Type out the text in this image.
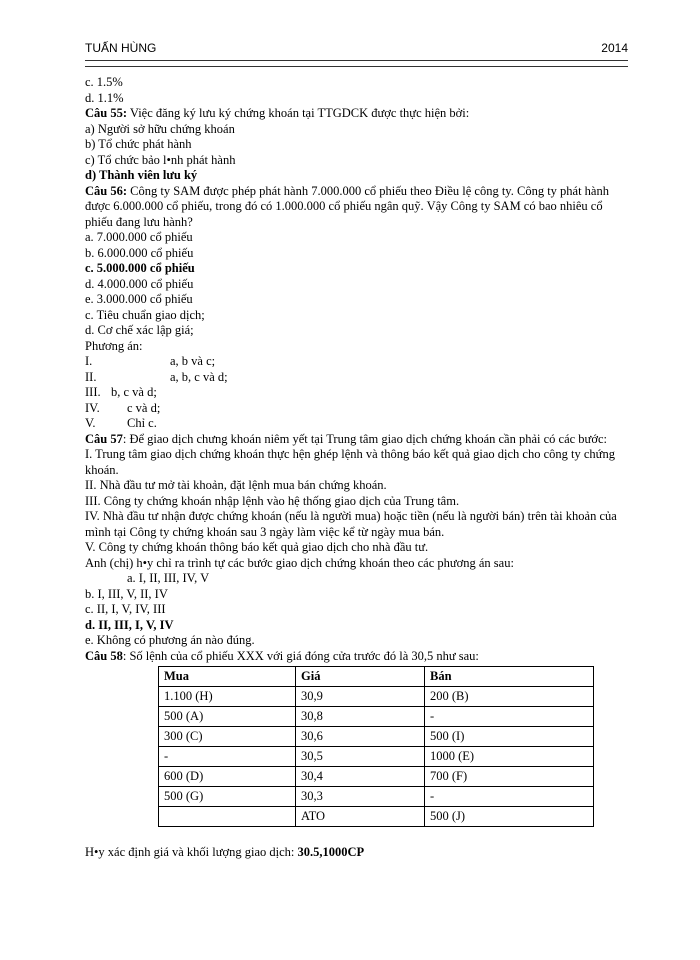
TUẤN HÙNG	2014
c. 1.5%
d. 1.1%
Câu 55: Việc đăng ký lưu ký chứng khoán tại TTGDCK được thực hiện bởi:
a) Người sở hữu chứng khoán
b) Tổ chức phát hành
c) Tổ chức bảo l•nh phát hành
d) Thành viên lưu ký
Câu 56: Công ty SAM được phép phát hành 7.000.000 cổ phiếu theo Điều lệ công ty. Công ty phát hành được 6.000.000 cổ phiếu, trong đó có 1.000.000 cổ phiếu ngân quỹ. Vậy Công ty SAM có bao nhiêu cổ phiếu đang lưu hành?
a. 7.000.000 cổ phiếu
b. 6.000.000 cổ phiếu
c. 5.000.000 cổ phiếu
d. 4.000.000 cổ phiếu
e. 3.000.000 cổ phiếu
c. Tiêu chuẩn giao dịch;
d. Cơ chế xác lập giá;
Phương án:
I.	a, b và c;
II.	a, b, c và d;
III. b, c và d;
IV.	c và d;
V.	Chỉ c.
Câu 57: Để giao dịch chưng khoán niêm yết tại Trung tâm giao dịch chứng khoán cần phải có các bước:
I. Trung tâm giao dịch chứng khoán thực hện ghép lệnh và thông báo kết quả giao dịch cho công ty chứng khoán.
II. Nhà đầu tư mở tài khoản, đặt lệnh mua bán chứng khoán.
III. Công ty chứng khoán nhập lệnh vào hệ thống giao dịch của Trung tâm.
IV. Nhà đầu tư nhận được chứng khoán (nếu là người mua) hoặc tiền (nếu là người bán) trên tài khoản của mình tại Công ty chứng khoán sau 3 ngày làm việc kể từ ngày mua bán.
V. Công ty chứng khoán thông báo kết quả giao dịch cho nhà đầu tư.
Anh (chị) h•y chỉ ra trình tự các bước giao dịch chứng khoán theo các phương án sau:
a. I, II, III, IV, V
b. I, III, V, II, IV
c. II, I, V, IV, III
d. II, III, I, V, IV
e. Không có phương án nào đúng.
Câu 58: Số lệnh của cổ phiếu XXX với giá đóng cửa trước đó là 30,5 như sau:
Mua	Giá	Bán
1.100 (H)	30,9	200 (B)
500 (A)	30,8	-
300 (C)	30,6	500 (I)
-	30,5	1000 (E)
600 (D)	30,4	700 (F)
500 (G)	30,3	-
	ATO	500 (J)
H•y xác định giá và khối lượng giao dịch: 30.5,1000CP
